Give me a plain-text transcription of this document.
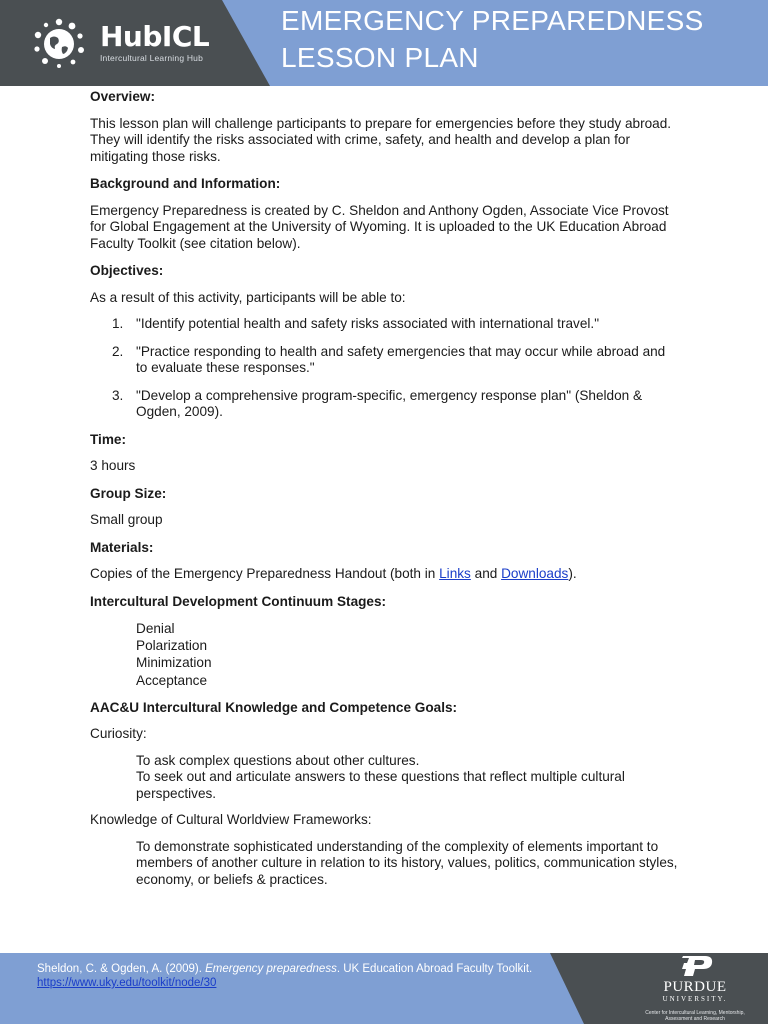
HubICL
Intercultural Learning Hub
EMERGENCY PREPAREDNESS LESSON PLAN
Overview:
This lesson plan will challenge participants to prepare for emergencies before they study abroad. They will identify the risks associated with crime, safety, and health and develop a plan for mitigating those risks.
Background and Information:
Emergency Preparedness is created by C. Sheldon and Anthony Ogden, Associate Vice Provost for Global Engagement at the University of Wyoming. It is uploaded to the UK Education Abroad Faculty Toolkit (see citation below).
Objectives:
As a result of this activity, participants will be able to:
1. "Identify potential health and safety risks associated with international travel."
2. "Practice responding to health and safety emergencies that may occur while abroad and to evaluate these responses."
3. "Develop a comprehensive program-specific, emergency response plan" (Sheldon & Ogden, 2009).
Time:
3 hours
Group Size:
Small group
Materials:
Copies of the Emergency Preparedness Handout (both in Links and Downloads).
Intercultural Development Continuum Stages:
Denial
Polarization
Minimization
Acceptance
AAC&U Intercultural Knowledge and Competence Goals:
Curiosity:
To ask complex questions about other cultures.
To seek out and articulate answers to these questions that reflect multiple cultural perspectives.
Knowledge of Cultural Worldview Frameworks:
To demonstrate sophisticated understanding of the complexity of elements important to members of another culture in relation to its history, values, politics, communication styles, economy, or beliefs & practices.
Sheldon, C. & Ogden, A. (2009). Emergency preparedness. UK Education Abroad Faculty Toolkit. https://www.uky.edu/toolkit/node/30	PURDUE
UNIVERSITY.
Center for Intercultural Learning, Mentorship, Assessment and Research
